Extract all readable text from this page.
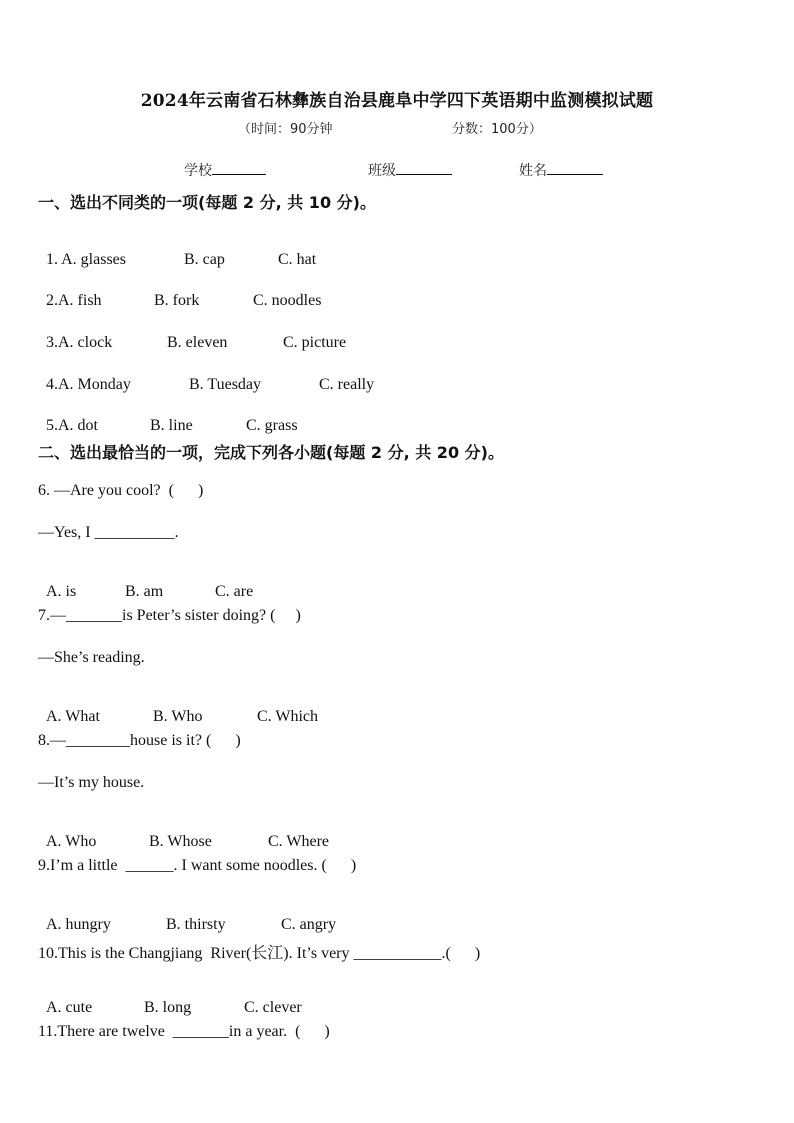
2024年云南省石林彝族自治县鹿阜中学四下英语期中监测模拟试题
（时间：90分钟	分数：100分）
学校	班级	姓名
一、选出不同类的一项(每题 2 分, 共 10 分)。

1. A. glasses	B. cap	C. hat

2.A. fish	B. fork	C. noodles

3.A. clock	B. eleven	C. picture

4.A. Monday	B. Tuesday	C. really

5.A. dot	B. line	C. grass

二、选出最恰当的一项，完成下列各小题(每题 2 分, 共 20 分)。
6. —Are you cool?  (      )
—Yes, I __________.

A. is	B. am	C. are

7.—_______is Peter’s sister doing? (     )
—She’s reading.

A. What	B. Who	C. Which

8.—________house is it? (      )
—It’s my house.

A. Who	B. Whose	C. Where

9.I’m a little  ______. I want some noodles. (      )

A. hungry	B. thirsty	C. angry

10.This is the Changjiang  River(长江). It’s very ___________.(      )

A. cute	B. long	C. clever

11.There are twelve  _______in a year.  (      )
